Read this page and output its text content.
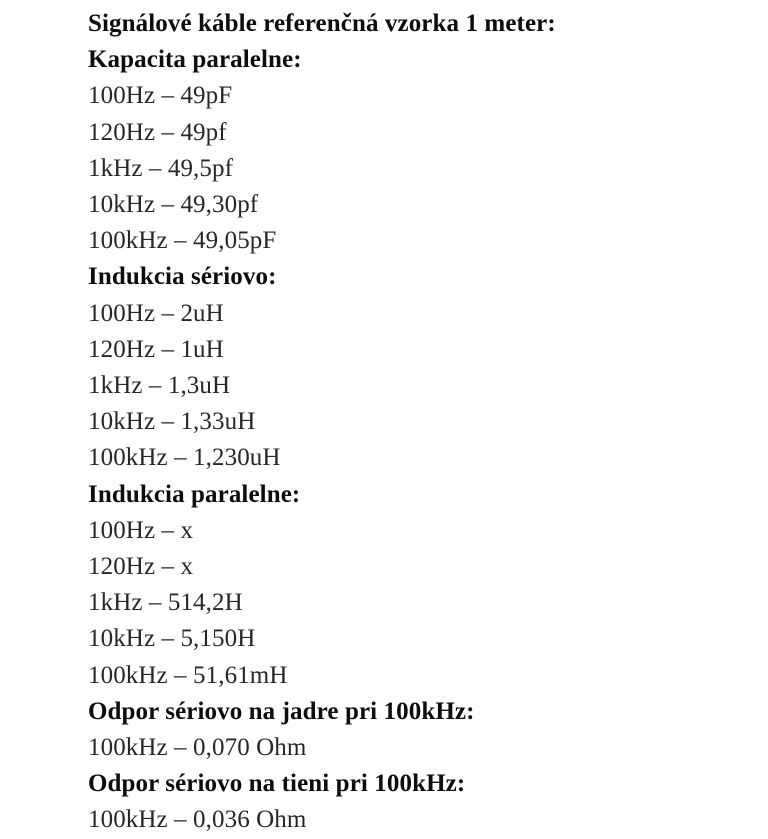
Signálové káble referenčná vzorka 1 meter:
Kapacita paralelne:
100Hz – 49pF
120Hz – 49pf
1kHz – 49,5pf
10kHz – 49,30pf
100kHz – 49,05pF
Indukcia sériovo:
100Hz – 2uH
120Hz – 1uH
1kHz – 1,3uH
10kHz – 1,33uH
100kHz – 1,230uH
Indukcia paralelne:
100Hz – x
120Hz – x
1kHz – 514,2H
10kHz – 5,150H
100kHz – 51,61mH
Odpor sériovo na jadre pri 100kHz:
100kHz – 0,070 Ohm
Odpor sériovo na tieni pri 100kHz:
100kHz – 0,036 Ohm
